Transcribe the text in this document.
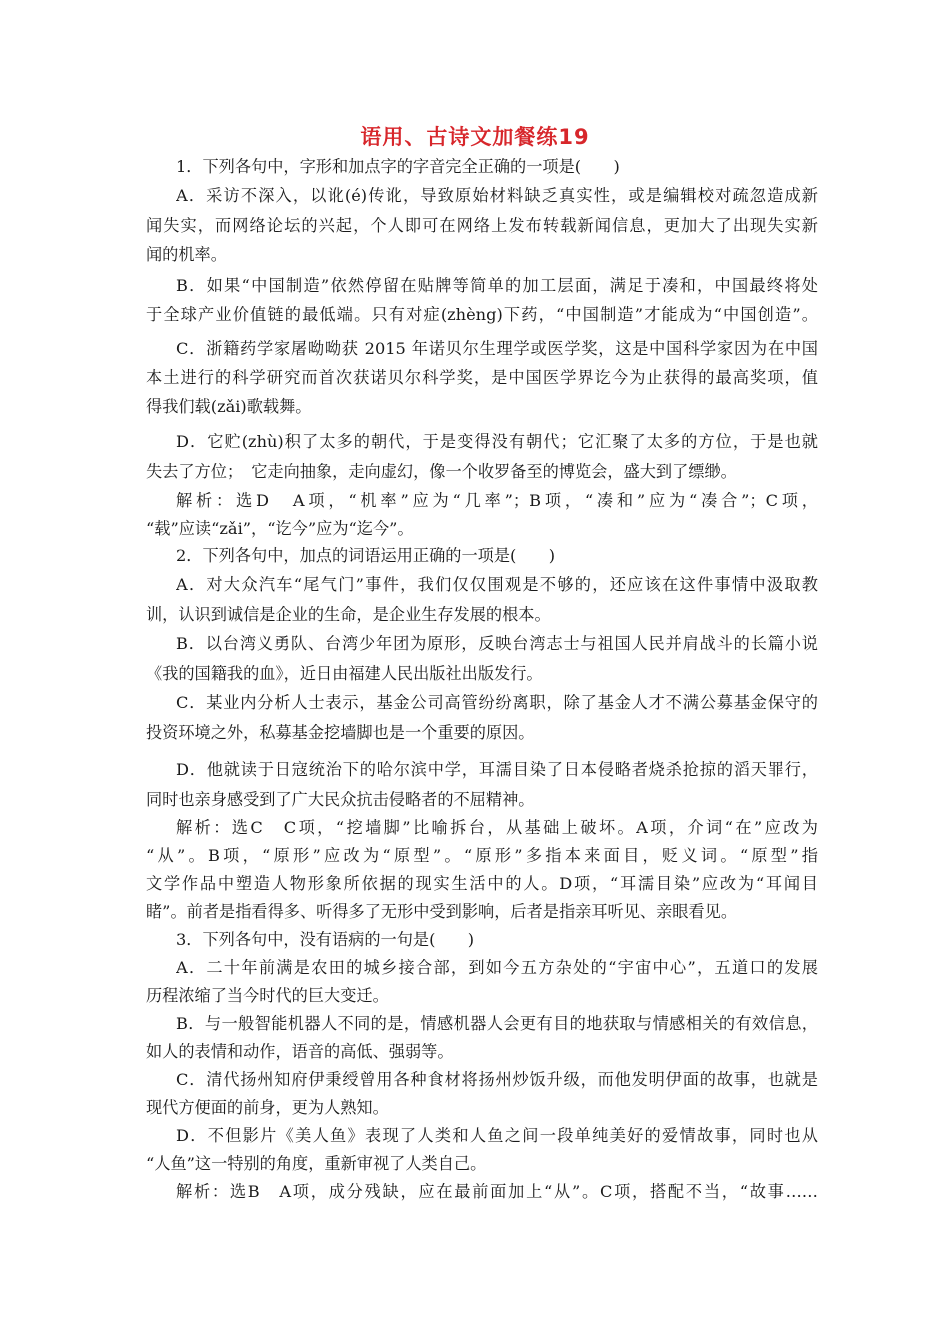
语用、古诗文加餐练19
1．下列各句中，字形和加点字的字音完全正确的一项是(　　)
A．采访不深入，以讹(é)传讹，导致原始材料缺乏真实性，或是编辑校对疏忽造成新
闻失实，而网络论坛的兴起，个人即可在网络上发布转载新闻信息，更加大了出现失实新
闻的机率。
B．如果“中国制造”依然停留在贴牌等简单的加工层面，满足于凑和，中国最终将处
于全球产业价值链的最低端。只有对症(zhèng)下药，“中国制造”才能成为“中国创造”。
C．浙籍药学家屠呦呦获 2015 年诺贝尔生理学或医学奖，这是中国科学家因为在中国
本土进行的科学研究而首次获诺贝尔科学奖，是中国医学界讫今为止获得的最高奖项，值
得我们载(zǎi)歌载舞。
D．它贮(zhù)积了太多的朝代，于是变得没有朝代；它汇聚了太多的方位，于是也就
失去了方位；　它走向抽象，走向虚幻，像一个收罗备至的博览会，盛大到了缥缈。
解析：选D　A项，“机率”应为“几率”；B项，“凑和”应为“凑合”；C项，
“载”应读“zǎi”，“讫今”应为“迄今”。
2．下列各句中，加点的词语运用正确的一项是(　　)
A．对大众汽车“尾气门”事件，我们仅仅围观是不够的，还应该在这件事情中汲取教
训，认识到诚信是企业的生命，是企业生存发展的根本。
B．以台湾义勇队、台湾少年团为原形，反映台湾志士与祖国人民并肩战斗的长篇小说
《我的国籍我的血》，近日由福建人民出版社出版发行。
C．某业内分析人士表示，基金公司高管纷纷离职，除了基金人才不满公募基金保守的
投资环境之外，私募基金挖墙脚也是一个重要的原因。
D．他就读于日寇统治下的哈尔滨中学，耳濡目染了日本侵略者烧杀抢掠的滔天罪行，
同时也亲身感受到了广大民众抗击侵略者的不屈精神。
解析：选C　C项，“挖墙脚”比喻拆台，从基础上破坏。A项，介词“在”应改为
“从”。B项，“原形”应改为“原型”。“原形”多指本来面目，贬义词。“原型”指
文学作品中塑造人物形象所依据的现实生活中的人。D项，“耳濡目染”应改为“耳闻目
睹”。前者是指看得多、听得多了无形中受到影响，后者是指亲耳听见、亲眼看见。
3．下列各句中，没有语病的一句是(　　)
A．二十年前满是农田的城乡接合部，到如今五方杂处的“宇宙中心”，五道口的发展
历程浓缩了当今时代的巨大变迁。
B．与一般智能机器人不同的是，情感机器人会更有目的地获取与情感相关的有效信息，
如人的表情和动作，语音的高低、强弱等。
C．清代扬州知府伊秉绶曾用各种食材将扬州炒饭升级，而他发明伊面的故事，也就是
现代方便面的前身，更为人熟知。
D．不但影片《美人鱼》表现了人类和人鱼之间一段单纯美好的爱情故事，同时也从
“人鱼”这一特别的角度，重新审视了人类自己。
解析：选B　A项，成分残缺，应在最前面加上“从”。C项，搭配不当，“故事……
